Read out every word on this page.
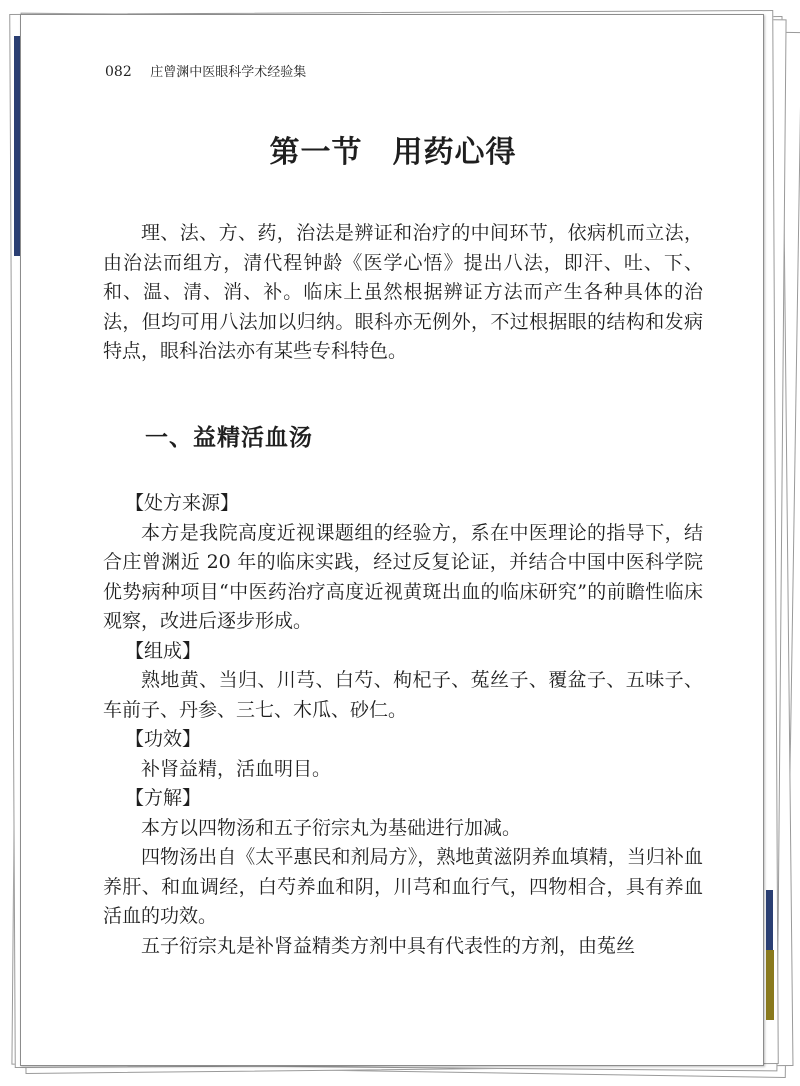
082 庄曾渊中医眼科学术经验集
第一节 用药心得

理、法、方、药，治法是辨证和治疗的中间环节，依病机而立法，由治法而组方，清代程钟龄《医学心悟》提出八法，即汗、吐、下、和、温、清、消、补。临床上虽然根据辨证方法而产生各种具体的治法，但均可用八法加以归纳。眼科亦无例外，不过根据眼的结构和发病特点，眼科治法亦有某些专科特色。

一、益精活血汤

【处方来源】

本方是我院高度近视课题组的经验方，系在中医理论的指导下，结合庄曾渊近 20 年的临床实践，经过反复论证，并结合中国中医科学院优势病种项目“中医药治疗高度近视黄斑出血的临床研究”的前瞻性临床观察，改进后逐步形成。

【组成】

熟地黄、当归、川芎、白芍、枸杞子、菟丝子、覆盆子、五味子、车前子、丹参、三七、木瓜、砂仁。

【功效】

补肾益精，活血明目。

【方解】

本方以四物汤和五子衍宗丸为基础进行加减。

四物汤出自《太平惠民和剂局方》，熟地黄滋阴养血填精，当归补血养肝、和血调经，白芍养血和阴，川芎和血行气，四物相合，具有养血活血的功效。

五子衍宗丸是补肾益精类方剂中具有代表性的方剂，由菟丝
